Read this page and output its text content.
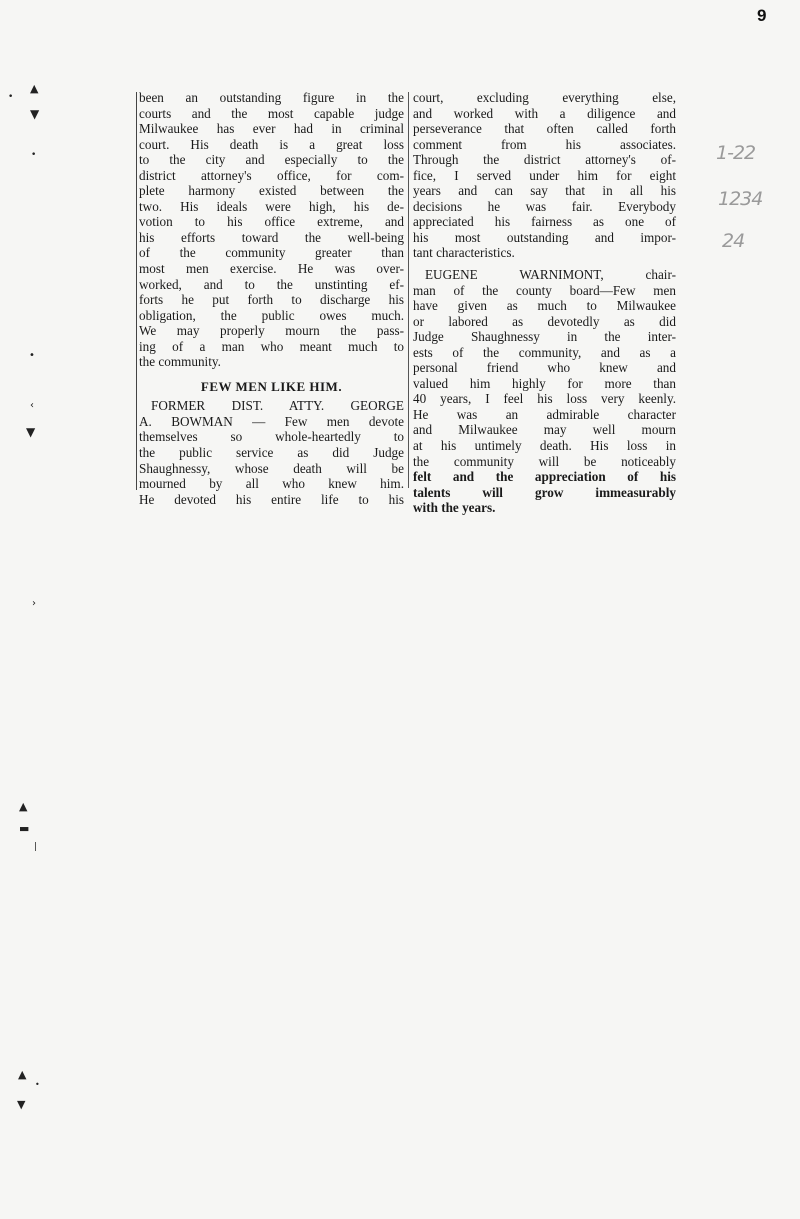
9
1-22
1234
24
•
▲
▼
•
•
‹
▼
›
▲
▬
|
▲
•
▼
been an outstanding figure in the
courts and the most capable judge
Milwaukee has ever had in criminal
court. His death is a great loss
to the city and especially to the
district attorney's office, for com-
plete harmony existed between the
two. His ideals were high, his de-
votion to his office extreme, and
his efforts toward the well-being
of the community greater than
most men exercise. He was over-
worked, and to the unstinting ef-
forts he put forth to discharge his
obligation, the public owes much.
We may properly mourn the pass-
ing of a man who meant much to
the community.
FEW MEN LIKE HIM.
FORMER DIST. ATTY. GEORGE
A. BOWMAN — Few men devote
themselves so whole-heartedly to
the public service as did Judge
Shaughnessy, whose death will be
mourned by all who knew him.
He devoted his entire life to his
court, excluding everything else,
and worked with a diligence and
perseverance that often called forth
comment from his associates.
Through the district attorney's of-
fice, I served under him for eight
years and can say that in all his
decisions he was fair. Everybody
appreciated his fairness as one of
his most outstanding and impor-
tant characteristics.
EUGENE WARNIMONT, chair-
man of the county board—Few men
have given as much to Milwaukee
or labored as devotedly as did
Judge Shaughnessy in the inter-
ests of the community, and as a
personal friend who knew and
valued him highly for more than
40 years, I feel his loss very keenly.
He was an admirable character
and Milwaukee may well mourn
at his untimely death. His loss in
the community will be noticeably
felt and the appreciation of his
talents will grow immeasurably
with the years.
